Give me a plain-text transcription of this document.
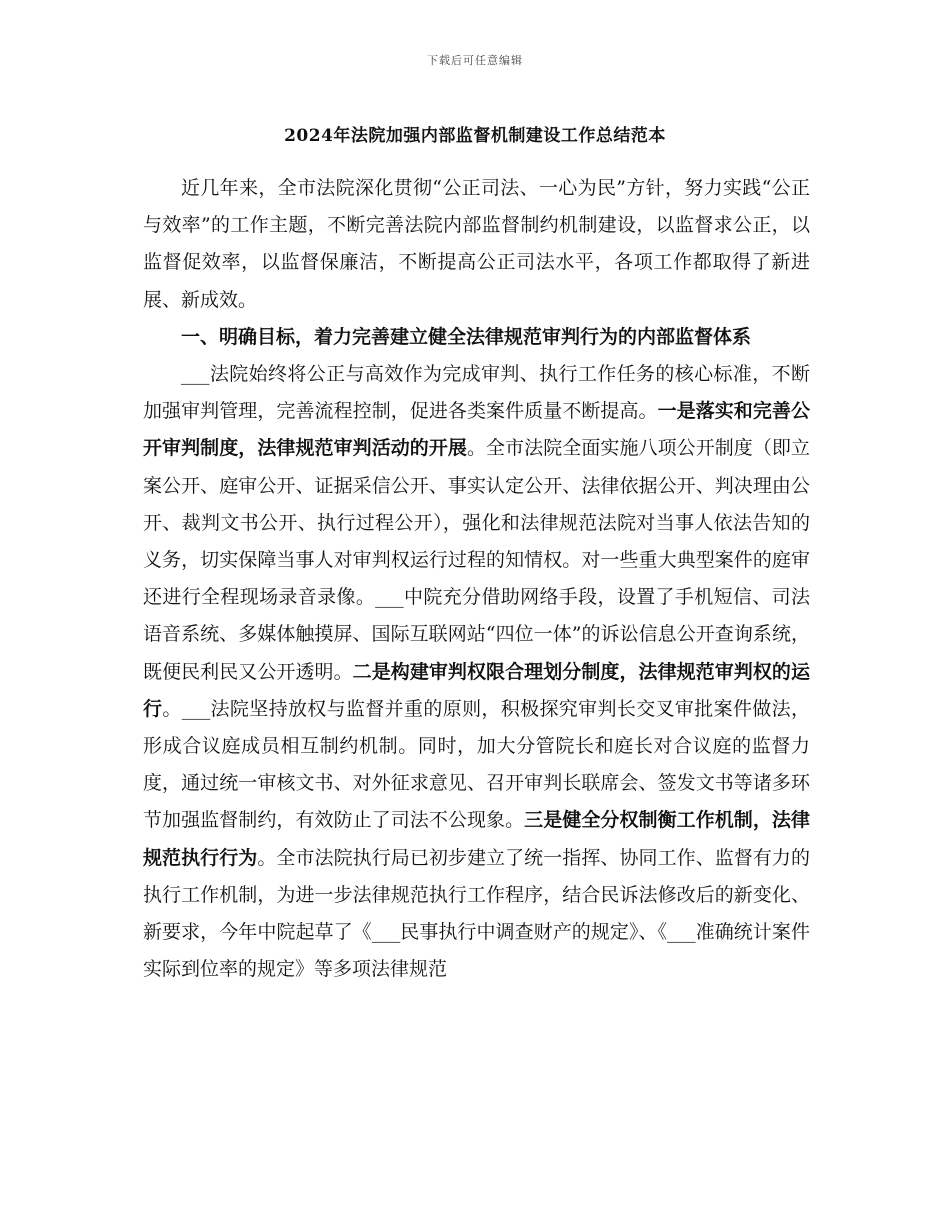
下载后可任意编辑
2024年法院加强内部监督机制建设工作总结范本

近几年来，全市法院深化贯彻“公正司法、一心为民”方针，努力实践“公正与效率”的工作主题，不断完善法院内部监督制约机制建设，以监督求公正，以监督促效率，以监督保廉洁，不断提高公正司法水平，各项工作都取得了新进展、新成效。

一、明确目标，着力完善建立健全法律规范审判行为的内部监督体系

___法院始终将公正与高效作为完成审判、执行工作任务的核心标准，不断加强审判管理，完善流程控制，促进各类案件质量不断提高。一是落实和完善公开审判制度，法律规范审判活动的开展。全市法院全面实施八项公开制度（即立案公开、庭审公开、证据采信公开、事实认定公开、法律依据公开、判决理由公开、裁判文书公开、执行过程公开），强化和法律规范法院对当事人依法告知的义务，切实保障当事人对审判权运行过程的知情权。对一些重大典型案件的庭审还进行全程现场录音录像。___中院充分借助网络手段，设置了手机短信、司法语音系统、多媒体触摸屏、国际互联网站“四位一体”的诉讼信息公开查询系统，既便民利民又公开透明。二是构建审判权限合理划分制度，法律规范审判权的运行。___法院坚持放权与监督并重的原则，积极探究审判长交叉审批案件做法，形成合议庭成员相互制约机制。同时，加大分管院长和庭长对合议庭的监督力度，通过统一审核文书、对外征求意见、召开审判长联席会、签发文书等诸多环节加强监督制约，有效防止了司法不公现象。三是健全分权制衡工作机制，法律规范执行行为。全市法院执行局已初步建立了统一指挥、协同工作、监督有力的执行工作机制，为进一步法律规范执行工作程序，结合民诉法修改后的新变化、新要求，今年中院起草了《___民事执行中调查财产的规定》、《___准确统计案件实际到位率的规定》等多项法律规范
